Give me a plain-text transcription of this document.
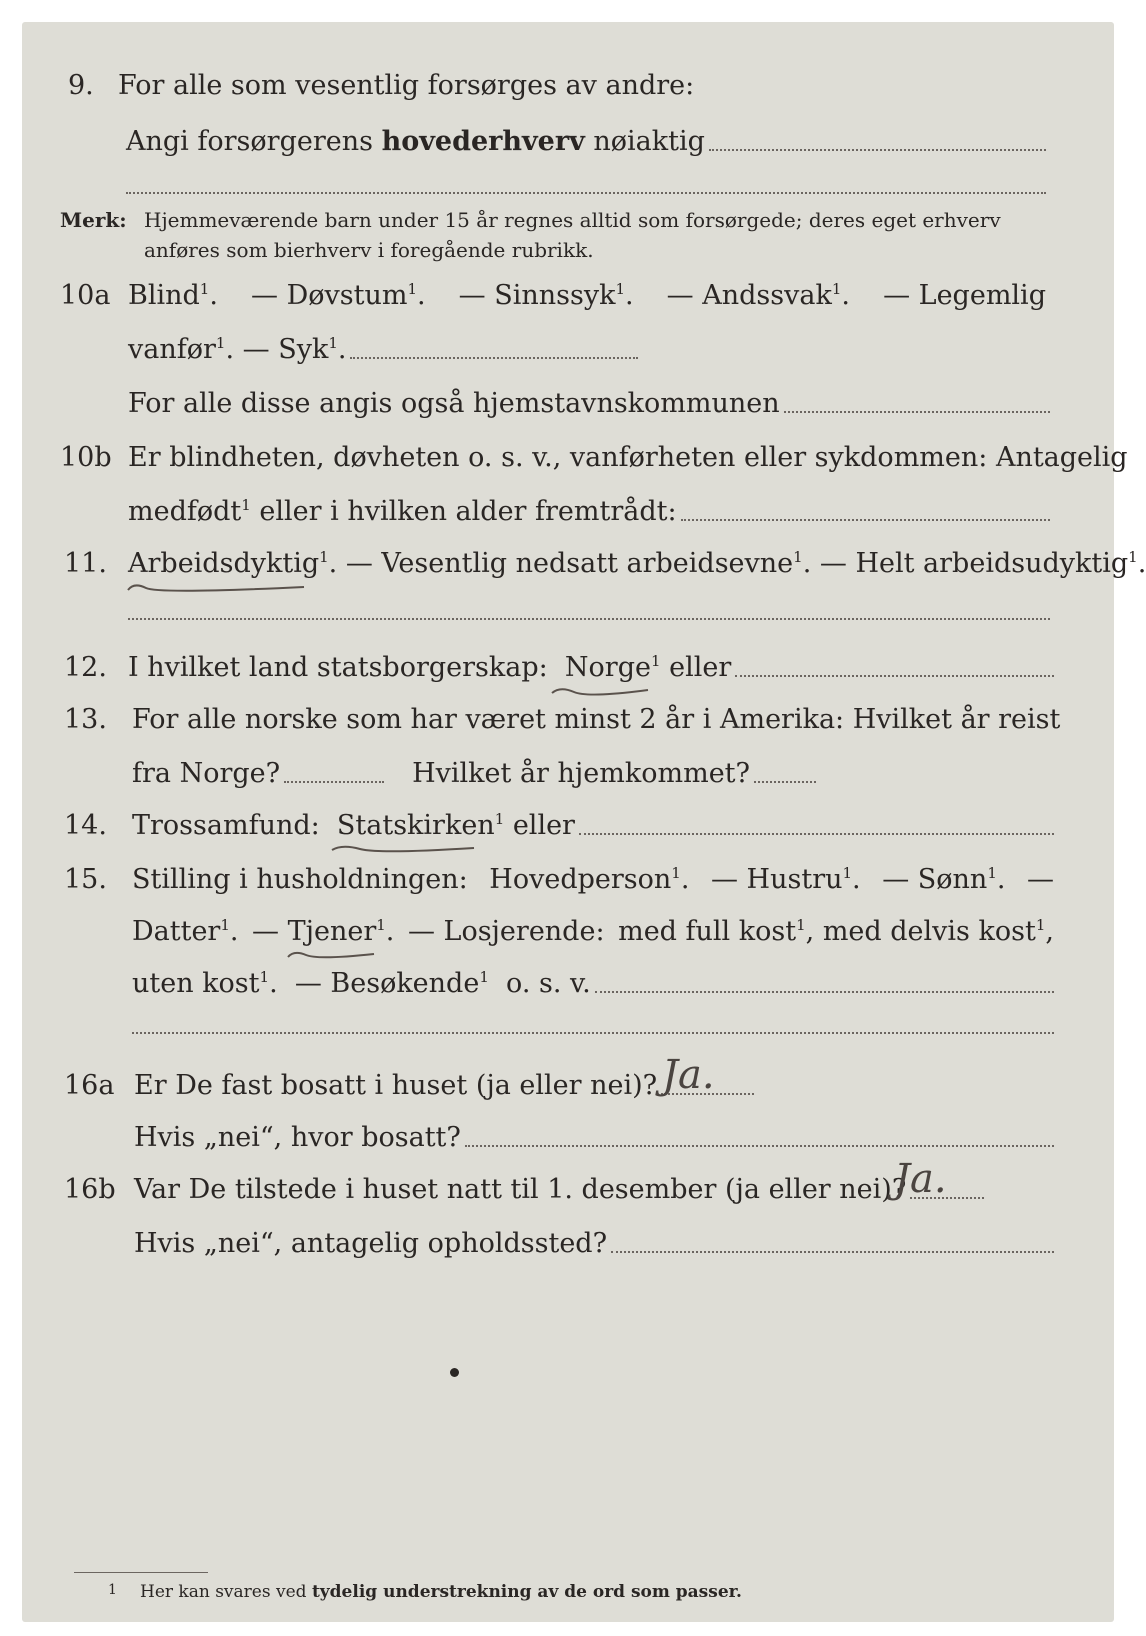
9. For alle som vesentlig forsørges av andre:
Angi forsørgerens
hovederhverv
nøiaktig
Merk: Hjemmeværende barn under 15 år regnes alltid som forsørgede; deres eget erhverv
anføres som bierhverv i foregående rubrikk.
10a Blind$^1$. — Døvstum$^1$. — Sinnssyk$^1$. — Andssvak$^1$. — Legemlig
vanfør$^1$. — Syk$^1$.
For alle disse angis også hjemstavnskommunen
10b Er blindheten, døvheten o. s. v., vanførheten eller sykdommen: Antagelig
medfødt$^1$ eller i hvilken alder fremtrådt:
11. Arbeidsdyktig$^1$. — Vesentlig nedsatt arbeidsevne$^1$. — Helt arbeidsudyktig$^1$.
12. I hvilket land statsborgerskap:
Norge$^1$ eller
13. For alle norske som har været minst 2 år i Amerika: Hvilket år reist
fra Norge?	Hvilket år hjemkommet?
14. Trossamfund:
Statskirken$^1$ eller
15. Stilling i husholdningen: Hovedperson$^1$. — Hustru$^1$. — Sønn$^1$. —
Datter$^1$. — Tjener$^1$. — Losjerende: med full kost$^1$, med delvis kost$^1$,
uten kost$^1$. — Besøkende$^1$ o. s. v.
16a Er De fast bosatt i huset (ja eller nei)? Ja.
Hvis „nei“, hvor bosatt?
16b Var De tilstede i huset natt til 1. desember (ja eller nei)?
Ja.
Hvis „nei“, antagelig opholdssted?
1 Her kan svares ved tydelig understrekning av de ord som passer.
